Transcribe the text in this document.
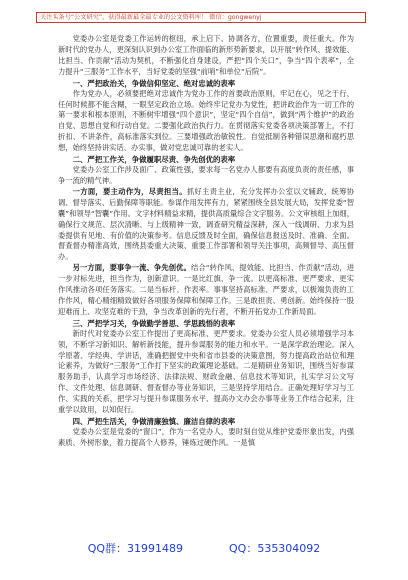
关注头条号“公文研究”，获得最新最全最专业的公文资料库！ 微信：gongwenyj

党委办公室是党委工作运转的枢纽，承上启下、协调各方，位置重要，责任重大。作为新时代的党办人，更深刻认识到办公室工作面临的新形势新要求，以开展“转作风、提效能、比担当、作贡献”活动为契机，不断强化自身建设，严把“四个关口”，争当“四个表率”，全力提升“三服务”工作水平，当好党委的坚强“前哨”和单位“后院”。

一、严把政治关，争做信仰坚定、绝对忠诚的表率

作为党办人，必须要把绝对忠诚作为党办工作的首要政治原则，牢记在心，见之于行，任何时候都不能含糊，一眼坚定政治立场。始终牢记党办为党性，把讲政治作为一切工作的第一要求和根本原则，不断树牢增强“四个意识”，坚定“四个自信”，做到“两个维护”的政治自觉、思想自觉和行动自觉。二要强化政治执行力。在贯彻落实党委各项决策部署上，不打折扣、不讲条件，高标准落实到位。三要增强政治敏锐性。自觉抵制各种错误思潮和腐朽思想，始终坚持讲实话、办实事，做对党忠诚可靠的老实人。

二、严把工作关，争做履职尽责、争先创优的表率

党委办公室工作涉及面广、政策性强，要求每一名党办人都要有高度负责的责任感，事争一流的精气神。

一方面，要主动作为，尽责担当。抓好主责主业，充分发挥办公室以文辅政、统筹协调、督导落实、后勤保障等职能。参谋作用发挥有力，紧紧围绕全县发展大局，发挥党委“智囊”和领导“智囊”作用。文字材料精益求精，提供高质量综合文字服务。公文审核组上加细，确保行文规范、层次清晰、与上级精神一致，调查研究精益深耕，深入一线调研、力求为县委提供有见地、有价值的决策参考。信息反馈及时全面，确保信息报送及时、准确、全面。督查督办精准高效，围绕县委重大决策、重要工作部署和领导关注事项，高频督导、高压督办。

另一方面，要事争一流、争先创优。结合“转作风、提效能、比担当、作贡献”活动，进一步对标先进，担当作为，创新意识。一是比红旗、争一流。以更高标准、更严要求、更实作风推动各项任务落实。二是当标杆、作表率。事事坚持高标准、严要求，以极端负责的工作作风，精心精细精致做好各项服务保障和保障工作。三是敢担责、勇创新。始终保持一股迎难而上、攻坚克难的干劲，争当改革创新的先行者，不断开拓党办工作新局面。

三、严把学习关，争做勤学善思、学思践悟的表率

新时代对党委办公室工作提出了更高标准、更严要求。党委办公室人员必须增强学习本领，不断学习新知识、解析新技能，提升参谋服务的能力和水平。一是深学政治理论。深入学原著、学经典、学讲话，准确把握党中央和省市县委的决策意图，努力提高政治站位和理论素养，为做好“三服务”工作打下坚实的政策理论基础。二是精研业务知识，围绕当好参谋服务助手，认真学习市场经济、法律法规、财政金融、信息技术等知识，扎实学习公文写作、文件处理、信息调研、督查督办等业务知识，三是坚持学用结合。正确处理好学习与工作、实践的关系，把学习与提升参谋服务水平、提高办文办会办事等业务工作结合起来，注重学以致用，以知促行。

四、严把生活关，争做清廉独慎、廉洁自律的表率

党委办公室是党委的“窗口”，作为一名党办人，要时刻自觉从维护党委形象出发，内强素质、外树形象，着力提高个人修养，锤炼过硬作风。一是慎

QQ群：31991489	QQ：535304092
